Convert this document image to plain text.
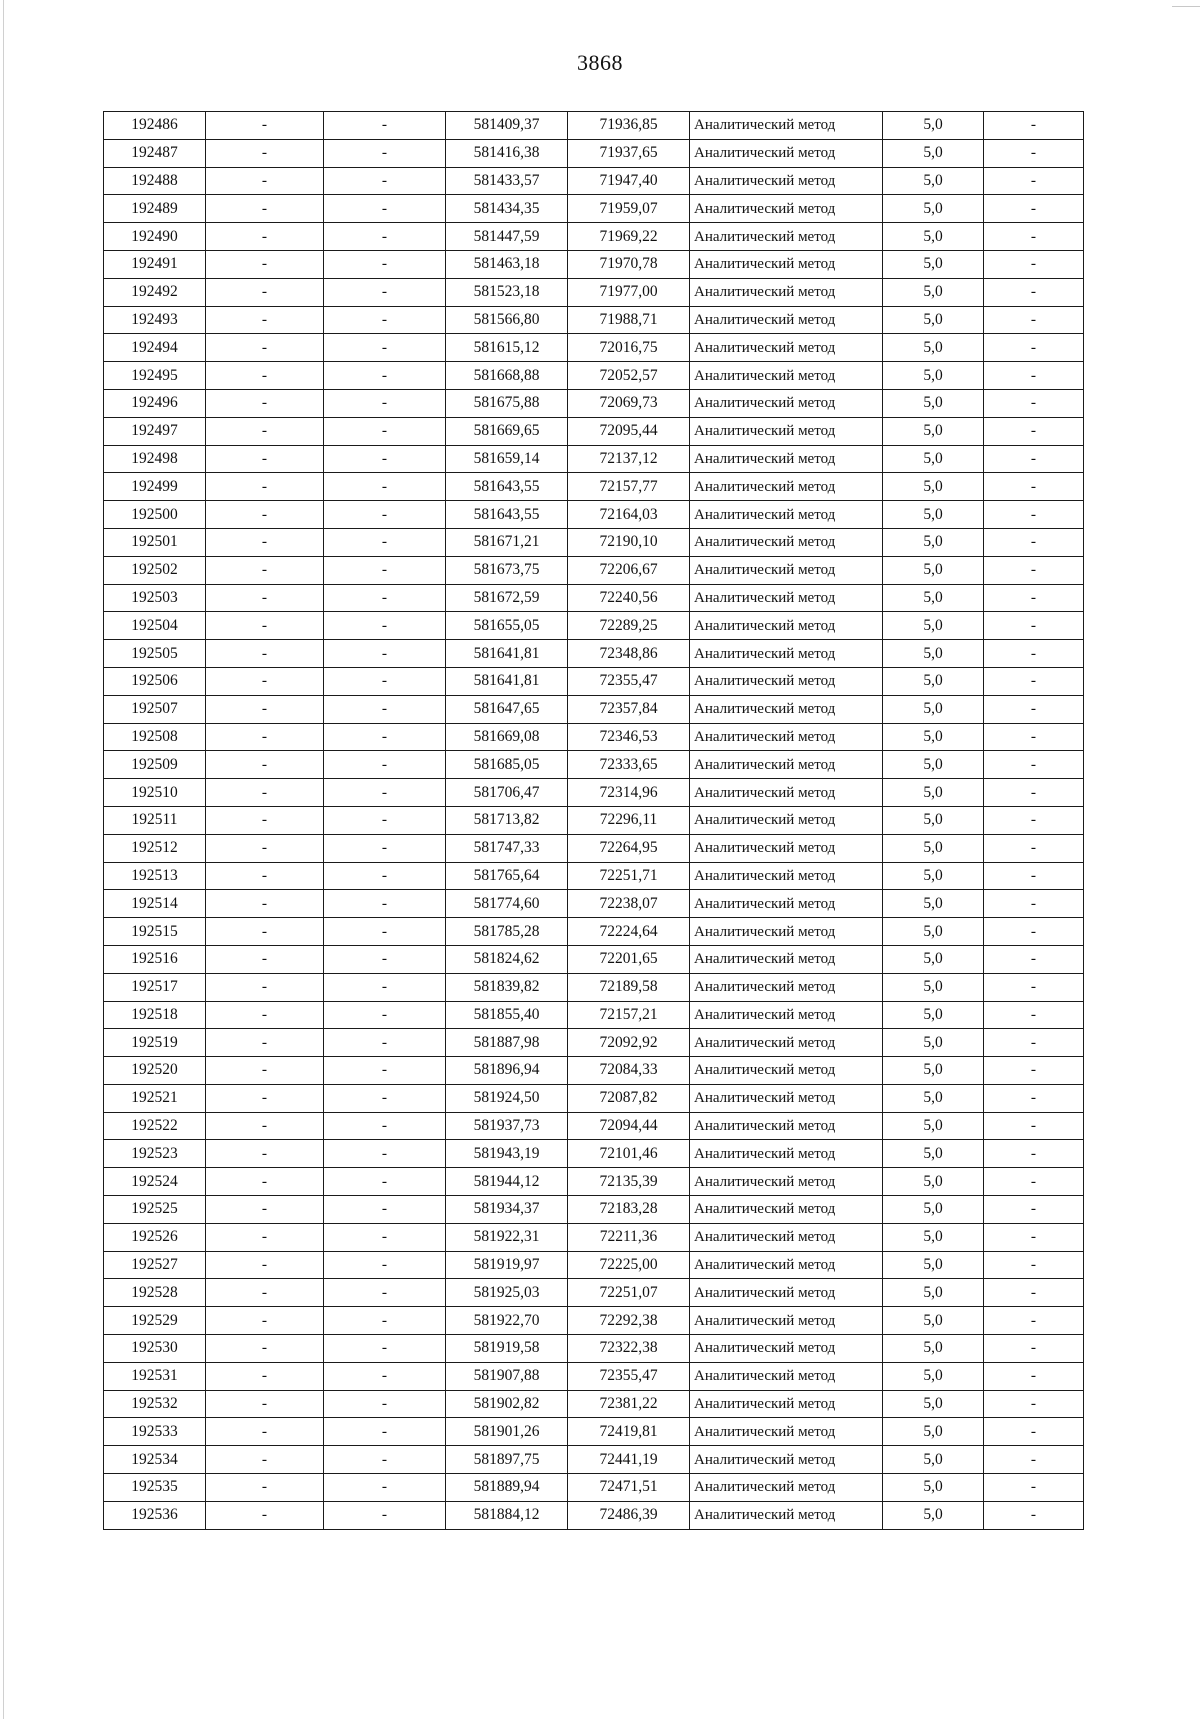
3868
192486	-	-	581409,37	71936,85	Аналитический метод	5,0	-
192487	-	-	581416,38	71937,65	Аналитический метод	5,0	-
192488	-	-	581433,57	71947,40	Аналитический метод	5,0	-
192489	-	-	581434,35	71959,07	Аналитический метод	5,0	-
192490	-	-	581447,59	71969,22	Аналитический метод	5,0	-
192491	-	-	581463,18	71970,78	Аналитический метод	5,0	-
192492	-	-	581523,18	71977,00	Аналитический метод	5,0	-
192493	-	-	581566,80	71988,71	Аналитический метод	5,0	-
192494	-	-	581615,12	72016,75	Аналитический метод	5,0	-
192495	-	-	581668,88	72052,57	Аналитический метод	5,0	-
192496	-	-	581675,88	72069,73	Аналитический метод	5,0	-
192497	-	-	581669,65	72095,44	Аналитический метод	5,0	-
192498	-	-	581659,14	72137,12	Аналитический метод	5,0	-
192499	-	-	581643,55	72157,77	Аналитический метод	5,0	-
192500	-	-	581643,55	72164,03	Аналитический метод	5,0	-
192501	-	-	581671,21	72190,10	Аналитический метод	5,0	-
192502	-	-	581673,75	72206,67	Аналитический метод	5,0	-
192503	-	-	581672,59	72240,56	Аналитический метод	5,0	-
192504	-	-	581655,05	72289,25	Аналитический метод	5,0	-
192505	-	-	581641,81	72348,86	Аналитический метод	5,0	-
192506	-	-	581641,81	72355,47	Аналитический метод	5,0	-
192507	-	-	581647,65	72357,84	Аналитический метод	5,0	-
192508	-	-	581669,08	72346,53	Аналитический метод	5,0	-
192509	-	-	581685,05	72333,65	Аналитический метод	5,0	-
192510	-	-	581706,47	72314,96	Аналитический метод	5,0	-
192511	-	-	581713,82	72296,11	Аналитический метод	5,0	-
192512	-	-	581747,33	72264,95	Аналитический метод	5,0	-
192513	-	-	581765,64	72251,71	Аналитический метод	5,0	-
192514	-	-	581774,60	72238,07	Аналитический метод	5,0	-
192515	-	-	581785,28	72224,64	Аналитический метод	5,0	-
192516	-	-	581824,62	72201,65	Аналитический метод	5,0	-
192517	-	-	581839,82	72189,58	Аналитический метод	5,0	-
192518	-	-	581855,40	72157,21	Аналитический метод	5,0	-
192519	-	-	581887,98	72092,92	Аналитический метод	5,0	-
192520	-	-	581896,94	72084,33	Аналитический метод	5,0	-
192521	-	-	581924,50	72087,82	Аналитический метод	5,0	-
192522	-	-	581937,73	72094,44	Аналитический метод	5,0	-
192523	-	-	581943,19	72101,46	Аналитический метод	5,0	-
192524	-	-	581944,12	72135,39	Аналитический метод	5,0	-
192525	-	-	581934,37	72183,28	Аналитический метод	5,0	-
192526	-	-	581922,31	72211,36	Аналитический метод	5,0	-
192527	-	-	581919,97	72225,00	Аналитический метод	5,0	-
192528	-	-	581925,03	72251,07	Аналитический метод	5,0	-
192529	-	-	581922,70	72292,38	Аналитический метод	5,0	-
192530	-	-	581919,58	72322,38	Аналитический метод	5,0	-
192531	-	-	581907,88	72355,47	Аналитический метод	5,0	-
192532	-	-	581902,82	72381,22	Аналитический метод	5,0	-
192533	-	-	581901,26	72419,81	Аналитический метод	5,0	-
192534	-	-	581897,75	72441,19	Аналитический метод	5,0	-
192535	-	-	581889,94	72471,51	Аналитический метод	5,0	-
192536	-	-	581884,12	72486,39	Аналитический метод	5,0	-
